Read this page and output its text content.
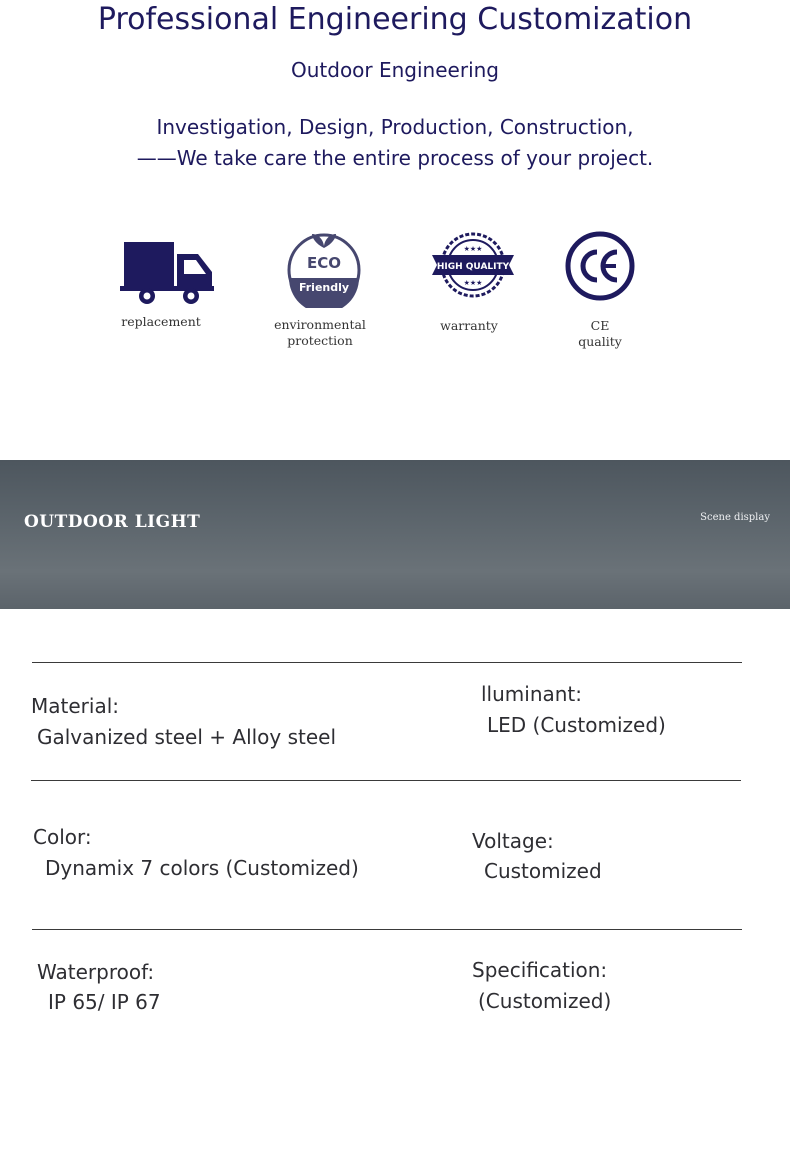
Professional Engineering Customization
Outdoor Engineering
Investigation, Design, Production, Construction,
——We take care the entire process of your project.
replacement
ECO
Friendly
environmental
protection
HIGH QUALITY
★★★
★★★
warranty	CE
quality
OUTDOOR LIGHT	Scene display
Material:
Galvanized steel + Alloy steel
lluminant:
LED (Customized)
Color:
Dynamix 7 colors (Customized)
Voltage:
Customized
Waterproof:
IP 65/ IP 67
Specification:
(Customized)
